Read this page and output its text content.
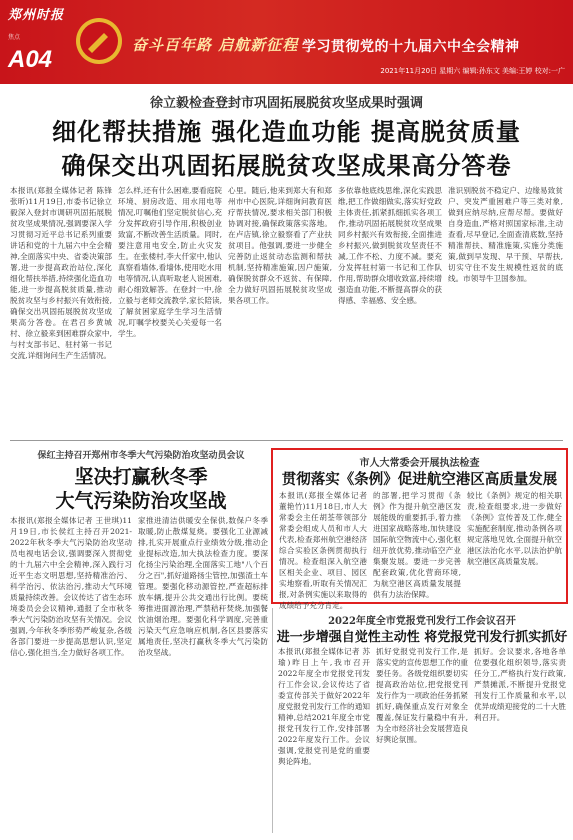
郑州时报
焦点
A04
奋斗百年路 启航新征程 学习贯彻党的十九届六中全会精神
2021年11月20日 星期六 编辑:孙东文 美编:王婷 校对:一广
徐立毅检查登封市巩固拓展脱贫攻坚成果时强调
细化帮扶措施 强化造血功能 提高脱贫质量
确保交出巩固拓展脱贫攻坚成果高分答卷
本报讯(郑报全媒体记者 陈锋 张昕)11月19日,市委书记徐立毅深入登封市调研巩固拓展脱贫攻坚成果情况,强调要深入学习贯彻习近平总书记系列重要讲话和党的十九届六中全会精神,全面落实中央、省委决策部署,进一步提高政治站位,深化细化帮扶举措,持续强化造血功能,进一步提高脱贫质量,推动脱贫攻坚与乡村振兴有效衔接,确保交出巩固拓展脱贫攻坚成果高分答卷。在君召乡黄城村、徐立毅来到困难群众家中,与村支部书记、驻村第一书记交流,详细询问生产生活情况。
怎么样,还有什么困难,要看庭院环境、厨房改造、用水用电等情况,叮嘱他们坚定脱贫信心,充分发挥政府引导作用,积极创业致富,不断改善生活质量。同时,要注意用电安全,防止火灾发生。在张楼村,李大仟家中,他认真察看墙体,看墙体,使用吃水用电等情况,认真听取老人说困难,耐心细致解答。在登封一中,徐立毅与老师交流教学,家长陪读,了解贫困家庭学生学习生活情况,叮嘱学校要关心关爱每一名学生。
心里。随后,他来到郑大有和郑州市中心医院,详细询问教育医疗帮扶情况,要求相关部门积极协调对接,确保政策落实落地。在卢店镇,徐立毅察看了产业扶贫项目。他强调,要进一步健全完善防止返贫动态监测和帮扶机制,坚持精准施策,因户施策,确保脱贫群众不返贫、有保障,全力做好巩固拓展脱贫攻坚成果各项工作。
多依靠他底线思维,深化实践思维,把工作做细做实,落实好党政主体责任,抓紧抓细抓实各项工作,推动巩固拓展脱贫攻坚成果同乡村振兴有效衔接,全面推进乡村振兴,做到脱贫攻坚责任不减,工作不松、力度不减。要充分发挥驻村第一书记和工作队作用,帮助群众增收致富,持续增强造血功能,不断提高群众的获得感、幸福感、安全感。
准识别脱贫不稳定户、边缘易致贫户、突发严重困难户等三类对象,做到应纳尽纳,应帮尽帮。要做好自身造血,严格对照国家标准,主动查看,尽早登记,全面查清底数,坚持精准帮扶、精准施策,实施分类施策,做到早发现、早干预、早帮扶,切实守住不发生规模性返贫的底线。市领导牛卫国参加。
保红主持召开郑州市冬季大气污染防治攻坚动员会议
坚决打赢秋冬季
大气污染防治攻坚战
本报讯(郑报全媒体记者 王世琪)11月19日,市长侯红主持召开2021-2022年秋冬季大气污染防治攻坚动员电视电话会议,强调要深入贯彻党的十九届六中全会精神,深入践行习近平生态文明思想,坚持精准治污、科学治污、依法治污,推动大气环境质量持续改善。会议传达了省生态环境委员会会议精神,通报了全市秋冬季大气污染防治攻坚有关情况。会议强调,今年秋冬季形势严峻复杂,各级各部门要进一步提高思想认识,坚定信心,强化担当,全力做好各项工作。
家推进清洁供暖安全保供,数保户冬季取暖,防止散煤复烧。要强化工业源减排,扎实开展重点行业绩效分级,推动企业提标改造,加大执法检查力度。要深化扬尘污染治理,全面落实工地"八个百分之百",抓好道路扬尘管控,加强渣土车管理。要强化移动源管控,严查超标排放车辆,提升公共交通出行比例。要统筹推进面源治理,严禁秸秆焚烧,加强餐饮油烟治理。要强化科学调度,完善重污染天气应急响应机制,各区县要落实属地责任,坚决打赢秋冬季大气污染防治攻坚战。
市人大常委会开展执法检查
贯彻落实《条例》促进航空港区高质量发展
本报讯(郑报全媒体记者 董艳竹)11月18日,市人大常委会主任胡荃带领部分常委会组成人员和市人大代表,检查郑州航空港经济综合实验区条例贯彻执行情况。检查组深入航空港区相关企业、项目、园区实地察看,听取有关情况汇报,对条例实施以来取得的成绩给予充分肯定。
的部署,把学习贯彻《条例》作为提升航空港区发展能级的重要抓手,着力推进国家战略落地,加快建设国际航空物流中心,强化枢纽开放优势,推动临空产业集聚发展。要进一步完善配套政策,优化营商环境,为航空港区高质量发展提供有力法治保障。
较比《条例》规定的相关职责,检查组要求,进一步做好《条例》宣传普及工作,健全实施配套制度,推动条例各项规定落地见效,全面提升航空港区法治化水平,以法治护航航空港区高质量发展。
2022年度全市党报党刊发行工作会议召开
进一步增强自觉性主动性 将党报党刊发行抓实抓好
本报讯(郑报全媒体记者 苏瑜)昨日上午,我市召开2022年度全市党报党刊发行工作会议,会议传达了省委宣传部关于做好2022年度党报党刊发行工作的通知精神,总结2021年度全市党报党刊发行工作,安排部署2022年度发行工作。会议强调,党报党刊是党的重要舆论阵地。
抓好党报党刊发行工作,是落实党的宣传思想工作的重要任务。各级党组织要切实提高政治站位,把党报党刊发行作为一项政治任务抓紧抓好,确保重点发行对象全覆盖,保证发行量稳中有升,为全市经济社会发展营造良好舆论氛围。
抓好。会议要求,各地各单位要强化组织领导,落实责任分工,严格执行发行政策,严禁摊派,不断提升党报党刊发行工作质量和水平,以优异成绩迎接党的二十大胜利召开。
